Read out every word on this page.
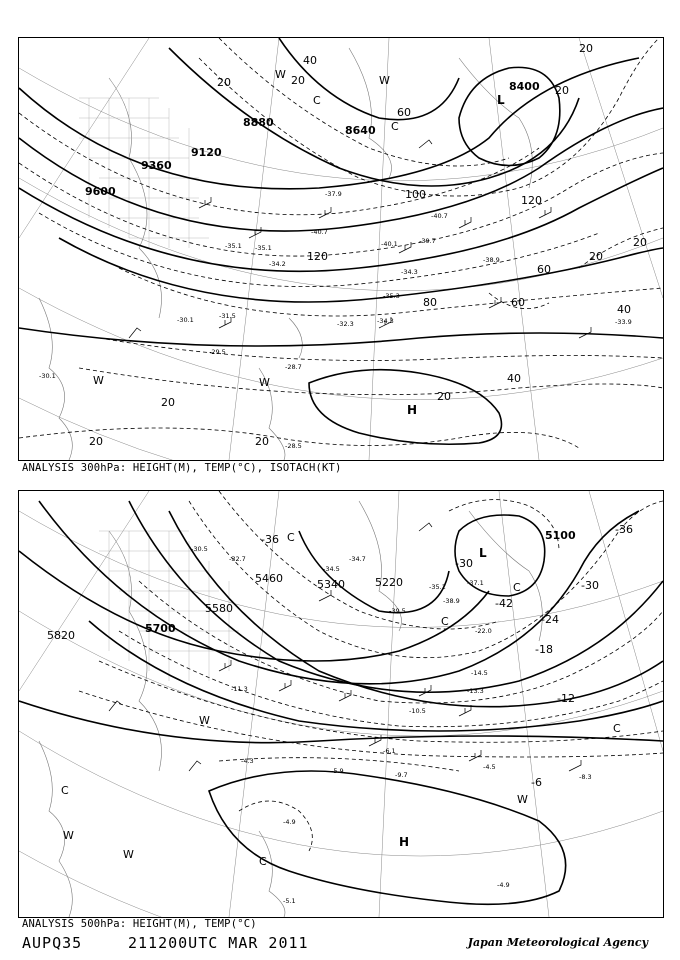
8400
8640
8880
9120
9360
9600
20	20
40
60
60
60
80
100	120
120
20
20
40
40
20
20
20	20
20	20
-40.1	-39.7
-40.7
-35.1
-34.3
-35.3
-31.5
-32.3	-34.3	-33.9
-30.1
-29.5
-28.7
-38.9
-35.1
-30.1
-28.5
-37.9
-34.2
-40.7
L
H
C
C
W	W
W
W
ANALYSIS 300hPa: HEIGHT(M), TEMP(°C), ISOTACH(KT)
5100
5220
5340
5460
5580
5700
5820
-36
-42
-36
-30
-24
-18
-12
-6
-30
-38.9
-37.1
-39.5
-35.1
-34.7
-34.5
-32.7
-30.5
-22.0
-14.5
-13.3
-11.3
-10.5
-6.1
-5.9
-4.3
-4.5
-9.7	-8.3
-4.9
-4.9
-5.1
L
H
C
C
C
C
C
C
W
W
W
W
ANALYSIS 500hPa: HEIGHT(M), TEMP(°C)
AUPQ35	211200UTC MAR 2011	Japan Meteorological Agency
